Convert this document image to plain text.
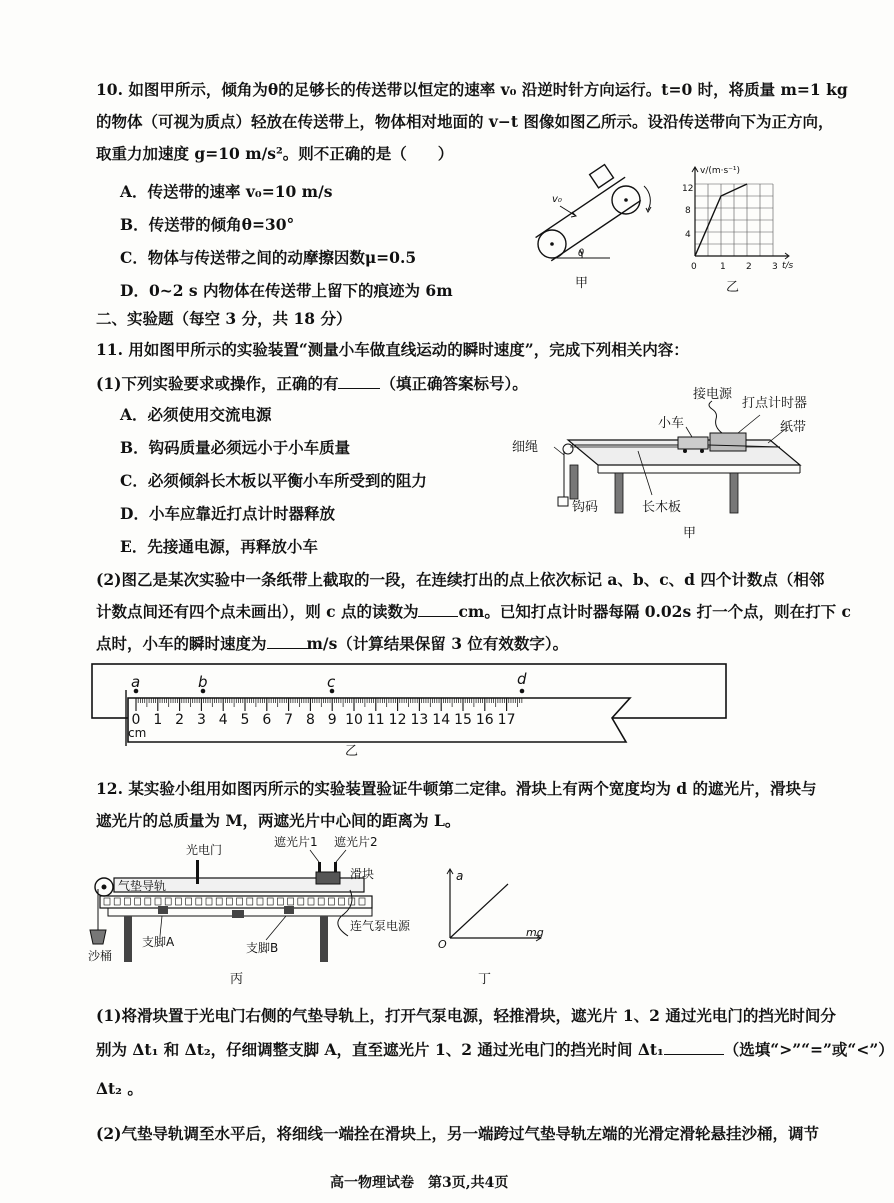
10. 如图甲所示，倾角为θ的足够长的传送带以恒定的速率 v₀ 沿逆时针方向运行。t=0 时，将质量 m=1 kg
的物体（可视为质点）轻放在传送带上，物体相对地面的 v−t 图像如图乙所示。设沿传送带向下为正方向，
取重力加速度 g=10 m/s²。则不正确的是（　　）
A．传送带的速率 v₀=10 m/s
B．传送带的倾角θ=30°
C．物体与传送带之间的动摩擦因数μ=0.5
D．0~2 s 内物体在传送带上留下的痕迹为 6m
θ
v₀
甲
v/(m·s⁻¹)
t/s
12
8
4
0	1 2 3
乙
二、实验题（每空 3 分，共 18 分）
11. 用如图甲所示的实验装置“测量小车做直线运动的瞬时速度”，完成下列相关内容：
(1)下列实验要求或操作，正确的有	（填正确答案标号）。
A．必须使用交流电源
B．钩码质量必须远小于小车质量
C．必须倾斜长木板以平衡小车所受到的阻力
D．小车应靠近打点计时器释放
E．先接通电源，再释放小车
接电源
打点计时器
小车	纸带
细绳
长木板
钩码
甲
(2)图乙是某次实验中一条纸带上截取的一段，在连续打出的点上依次标记 a、b、c、d 四个计数点（相邻
计数点间还有四个点未画出），则 c 点的读数为	cm。已知打点计时器每隔 0.02s 打一个点，则在打下 c
点时，小车的瞬时速度为	m/s（计算结果保留 3 位有效数字）。
0 1 2 3 4 5 6 7 8 9 10 11 12 13 14 15 16 17
cm
a	b	c	d
乙
12. 某实验小组用如图丙所示的实验装置验证牛顿第二定律。滑块上有两个宽度均为 d 的遮光片，滑块与
遮光片的总质量为 M，两遮光片中心间的距离为 L。
光电门
遮光片1 遮光片2
滑块
气垫导轨
连气泵电源
支脚A	支脚B
沙桶
丙
a
mg
O
丁
(1)将滑块置于光电门右侧的气垫导轨上，打开气泵电源，轻推滑块，遮光片 1、2 通过光电门的挡光时间分
别为 Δt₁ 和 Δt₂，仔细调整支脚 A，直至遮光片 1、2 通过光电门的挡光时间 Δt₁	（选填“>”“=”或“<”）
Δt₂ 。
(2)气垫导轨调至水平后，将细线一端拴在滑块上，另一端跨过气垫导轨左端的光滑定滑轮悬挂沙桶，调节
高一物理试卷　第3页,共4页
